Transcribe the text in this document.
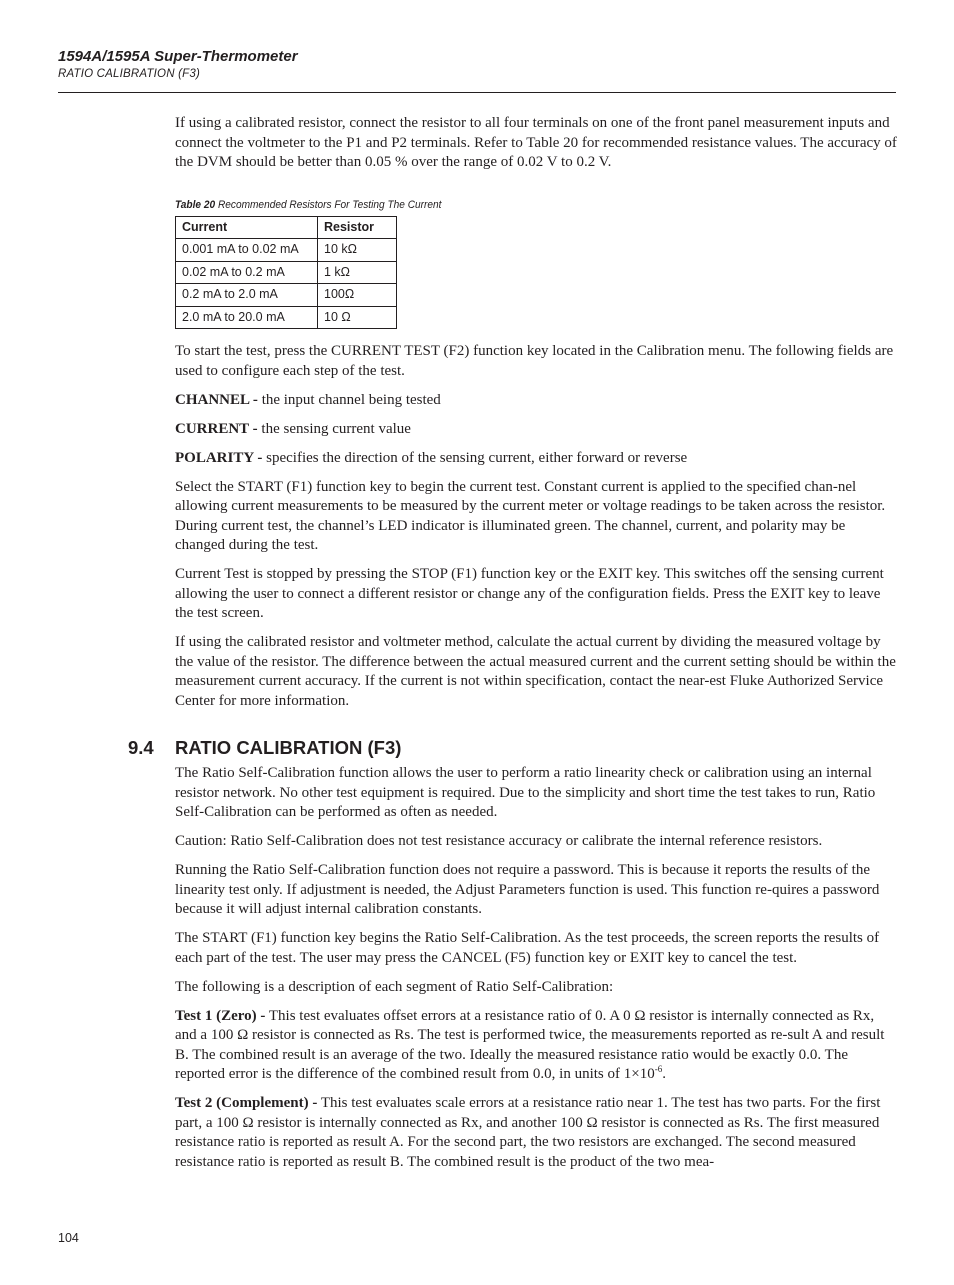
1594A/1595A Super-Thermometer
RATIO CALIBRATION (F3)

If using a calibrated resistor, connect the resistor to all four terminals on one of the front panel measurement inputs and connect the voltmeter to the P1 and P2 terminals. Refer to Table 20 for recommended resistance values. The accuracy of the DVM should be better than 0.05 % over the range of 0.02 V to 0.2 V.

Table 20 Recommended Resistors For Testing The Current
Current	Resistor
0.001 mA to 0.02 mA	10 kΩ
0.02 mA to 0.2 mA	1 kΩ
0.2 mA to 2.0 mA	100Ω
2.0 mA to 20.0 mA	10 Ω

To start the test, press the CURRENT TEST (F2) function key located in the Calibration menu. The following fields are used to configure each step of the test.

CHANNEL - the input channel being tested

CURRENT - the sensing current value

POLARITY - specifies the direction of the sensing current, either forward or reverse

Select the START (F1) function key to begin the current test. Constant current is applied to the specified chan-nel allowing current measurements to be measured by the current meter or voltage readings to be taken across the resistor. During current test, the channel’s LED indicator is illuminated green. The channel, current, and polarity may be changed during the test.

Current Test is stopped by pressing the STOP (F1) function key or the EXIT key. This switches off the sensing current allowing the user to connect a different resistor or change any of the configuration fields. Press the EXIT key to leave the test screen.

If using the calibrated resistor and voltmeter method, calculate the actual current by dividing the measured voltage by the value of the resistor. The difference between the actual measured current and the current setting should be within the measurement current accuracy. If the current is not within specification, contact the near-est Fluke Authorized Service Center for more information.

9.4 RATIO CALIBRATION (F3)

The Ratio Self-Calibration function allows the user to perform a ratio linearity check or calibration using an internal resistor network. No other test equipment is required. Due to the simplicity and short time the test takes to run, Ratio Self-Calibration can be performed as often as needed.

Caution: Ratio Self-Calibration does not test resistance accuracy or calibrate the internal reference resistors.

Running the Ratio Self-Calibration function does not require a password. This is because it reports the results of the linearity test only. If adjustment is needed, the Adjust Parameters function is used. This function re-quires a password because it will adjust internal calibration constants.

The START (F1) function key begins the Ratio Self-Calibration. As the test proceeds, the screen reports the results of each part of the test. The user may press the CANCEL (F5) function key or EXIT key to cancel the test.

The following is a description of each segment of Ratio Self-Calibration:

Test 1 (Zero) - This test evaluates offset errors at a resistance ratio of 0. A 0 Ω resistor is internally connected as Rx, and a 100 Ω resistor is connected as Rs. The test is performed twice, the measurements reported as re-sult A and result B. The combined result is an average of the two. Ideally the measured resistance ratio would be exactly 0.0. The reported error is the difference of the combined result from 0.0, in units of $1\times 10^{-6}$.

Test 2 (Complement) - This test evaluates scale errors at a resistance ratio near 1. The test has two parts. For the first part, a 100 Ω resistor is internally connected as Rx, and another 100 Ω resistor is connected as Rs. The first measured resistance ratio is reported as result A. For the second part, the two resistors are exchanged. The second measured resistance ratio is reported as result B. The combined result is the product of the two mea-

104
